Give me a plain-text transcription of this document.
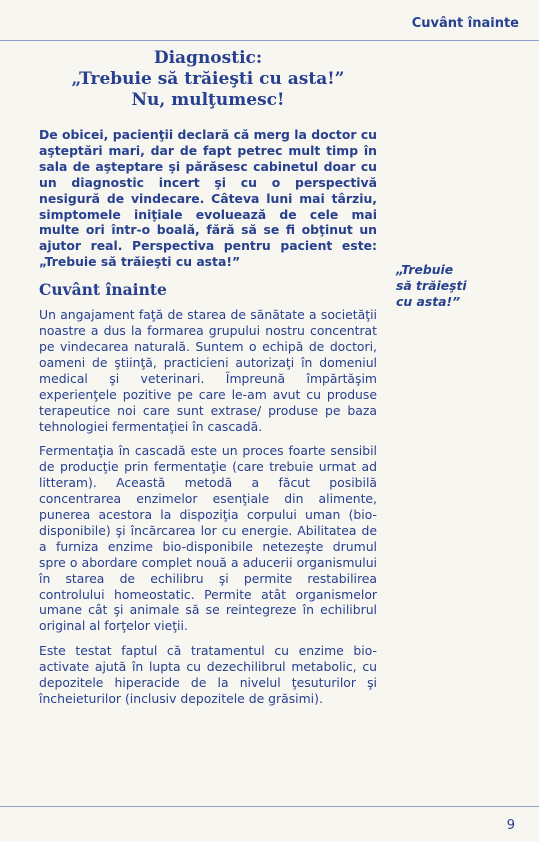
Cuvânt înainte
Diagnostic:
„Trebuie să trăieşti cu asta!”
Nu, mulţumesc!

De obicei, pacienţii declară că merg la doctor cu aşteptări mari, dar de fapt petrec mult timp în sala de aşteptare şi părăsesc cabinetul doar cu un diagnostic incert şi cu o perspectivă nesigură de vindecare. Câteva luni mai târziu, simptomele iniţiale evoluează de cele mai multe ori într-o boală, fără să se fi obţinut un ajutor real. Perspectiva pentru pacient este: „Trebuie să trăieşti cu asta!”

Cuvânt înainte

Un angajament faţă de starea de sănătate a societăţii noastre a dus la formarea grupului nostru concentrat pe vindecarea naturală. Suntem o echipă de doctori, oameni de ştiinţă, practicieni autorizaţi în domeniul medical şi veterinari. Împreună împărtăşim experienţele pozitive pe care le-am avut cu produse terapeutice noi care sunt extrase/ produse pe baza tehnologiei fermentaţiei în cascadă.

Fermentaţia în cascadă este un proces foarte sensibil de producţie prin fermentaţie (care trebuie urmat ad litteram). Această metodă a făcut posibilă concentrarea enzimelor esenţiale din alimente, punerea acestora la dispoziţia corpului uman (bio-disponibile) şi încărcarea lor cu energie. Abilitatea de a furniza enzime bio-disponibile netezeşte drumul spre o abordare complet nouă a aducerii organismului în starea de echilibru şi permite restabilirea controlului homeostatic. Permite atât organismelor umane cât şi animale să se reintegreze în echilibrul original al forţelor vieţii.

Este testat faptul că tratamentul cu enzime bio-activate ajută în lupta cu dezechilibrul metabolic, cu depozitele hiperacide de la nivelul ţesuturilor şi încheieturilor (inclusiv depozitele de grăsimi).

„Trebuie
să trăieşti
cu asta!”
9
